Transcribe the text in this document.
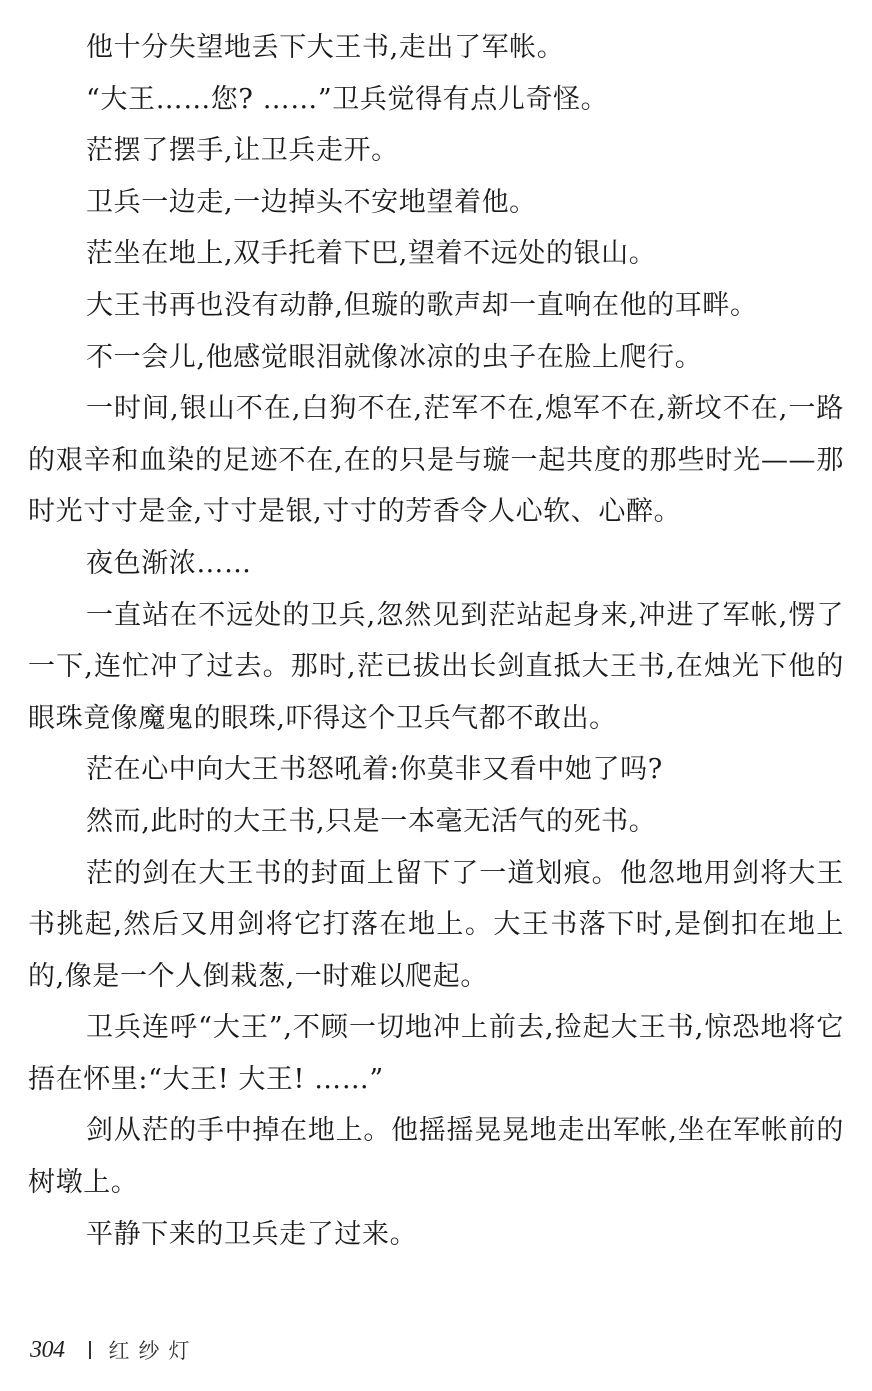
他十分失望地丢下大王书,走出了军帐。

“大王……您? ……”卫兵觉得有点儿奇怪。

茫摆了摆手,让卫兵走开。

卫兵一边走,一边掉头不安地望着他。

茫坐在地上,双手托着下巴,望着不远处的银山。

大王书再也没有动静,但璇的歌声却一直响在他的耳畔。

不一会儿,他感觉眼泪就像冰凉的虫子在脸上爬行。

一时间,银山不在,白狗不在,茫军不在,熄军不在,新坟不在,一路的艰辛和血染的足迹不在,在的只是与璇一起共度的那些时光——那时光寸寸是金,寸寸是银,寸寸的芳香令人心软、心醉。

夜色渐浓……

一直站在不远处的卫兵,忽然见到茫站起身来,冲进了军帐,愣了一下,连忙冲了过去。那时,茫已拔出长剑直抵大王书,在烛光下他的眼珠竟像魔鬼的眼珠,吓得这个卫兵气都不敢出。

茫在心中向大王书怒吼着:你莫非又看中她了吗?

然而,此时的大王书,只是一本毫无活气的死书。

茫的剑在大王书的封面上留下了一道划痕。他忽地用剑将大王书挑起,然后又用剑将它打落在地上。大王书落下时,是倒扣在地上的,像是一个人倒栽葱,一时难以爬起。

卫兵连呼“大王”,不顾一切地冲上前去,捡起大王书,惊恐地将它捂在怀里:“大王! 大王! ……”

剑从茫的手中掉在地上。他摇摇晃晃地走出军帐,坐在军帐前的树墩上。

平静下来的卫兵走了过来。

304 红纱灯
